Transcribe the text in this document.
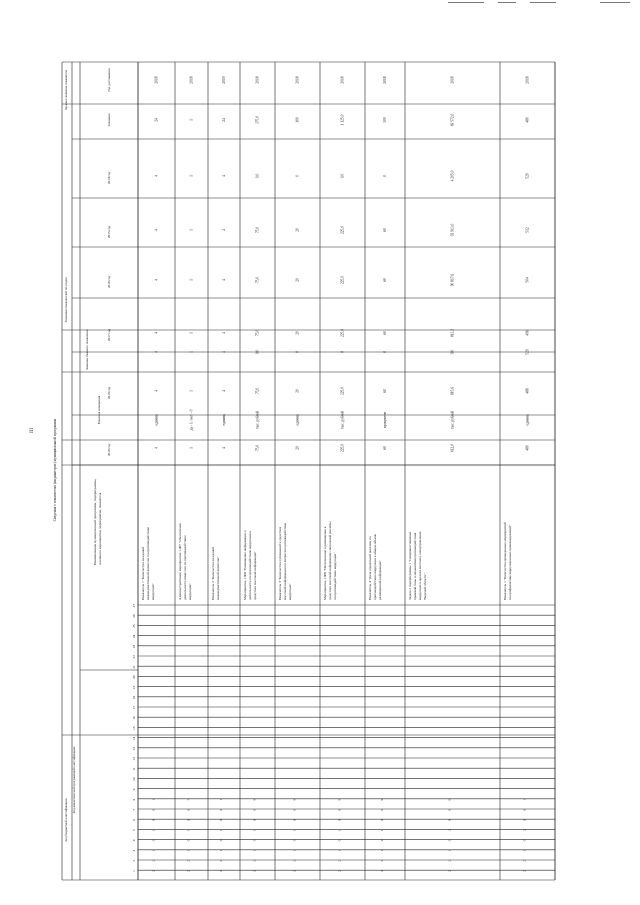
III
Код бюджетной классификации
Код аналитической программной классификации
Наименование муниципальной программы, подпрограммы, основного мероприятия, мероприятия, показателя
Единица измерения
Значение базового показателя
Значения показателей по годам
Целевое значение показателя
Значение
Год достижения
2014 год
2015 год
2016 год
2017 год
2018 год
2019 год
1
2
3
4
5
6
7
8
9
10
11
12
13
14
15
16
17
18
19
20
21
22
23
24
25
26
27
Показатель 1 "Количество заседаний межведомственной комиссии по противодействию коррупции"
единиц
4
4
4
4
4
4
4
24
2018
2
2
1
0
1
0
0
1
Административное мероприятие 1.007 "Обеспечение деятельности комиссии по противодействию коррупции"
да - 1 / нет - 0
1
1
1
1
1
1
1
1
2018
2
2
1
0
1
0
0
7
Показатель 2 "Количество заседаний межведомственной комиссии"
единиц
4
4
4
4
4
4
4
24
2019
2
2
1
0
1
0
0
1
Мероприятие 1.008 "Размещение информации о деятельности по противодействию коррупции в средствах массовой информации"
тыс. рублей
0,0
0,0
75,0
75,0
75,0
75,0
75,0
375,0
2018
2
2
1
0
1
0
0
8
Показатель 3 "Количество публикаций в средствах массовой информации по вопросам противодействия коррупции"
единиц
0
0
20
20
20
20
20
100
2018
2
2
1
0
1
0
0
8
Мероприятие 1.009 "Изготовление и размещение в средствах массовой информации социальной рекламы по противодействию коррупции"
тыс. рублей
0
0,0
225,0
225,0
225,0
225,0
225,0
1 125,0
2018
2
2
1
0
1
0
0
9
Показатель 4 "Доля социальной рекламы по противодействию коррупции в общем объеме размещенной информации"
процентов
0
0
60
60
60
60
60
300
2018
2
2
1
0
1
0
0
9
Задача 2 подпрограммы 1 "Совершенствование правовой базы и механизмов противодействия коррупции в органах местного самоуправления Тверской области"
тыс. рублей
9,0
4 205,0
92 913,0
90 817,6
813,2
815,6
612,0
69 572,0
2018
2
2
1
0
2
0
0
0
Показатель 1 "Количество проведенных мероприятий по профилактике коррупционных правонарушений"
единиц
529
529
512
504
496
488
480
480
2018
2
2
1
0
2
0
0
1
Сведения о показателях (индикаторах) муниципальной программы
